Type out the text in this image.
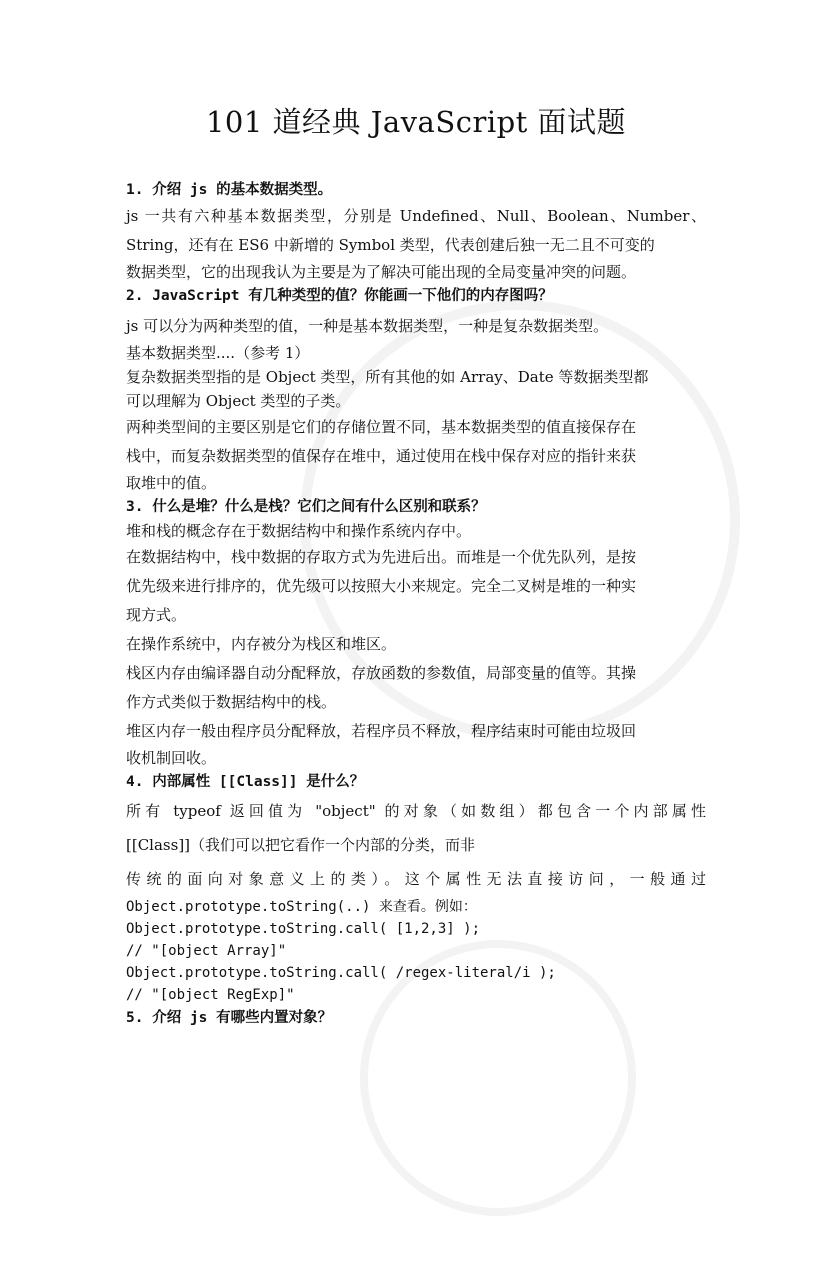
101 道经典 JavaScript 面试题

1. 介绍 js 的基本数据类型。

js 一共有六种基本数据类型，分别是 Undefined、Null、Boolean、Number、

String，还有在 ES6 中新增的 Symbol 类型，代表创建后独一无二且不可变的

数据类型，它的出现我认为主要是为了解决可能出现的全局变量冲突的问题。

2. JavaScript 有几种类型的值？你能画一下他们的内存图吗？

js 可以分为两种类型的值，一种是基本数据类型，一种是复杂数据类型。

基本数据类型....（参考 1）

复杂数据类型指的是 Object 类型，所有其他的如 Array、Date 等数据类型都

可以理解为 Object 类型的子类。

两种类型间的主要区别是它们的存储位置不同，基本数据类型的值直接保存在

栈中，而复杂数据类型的值保存在堆中，通过使用在栈中保存对应的指针来获

取堆中的值。

3. 什么是堆？什么是栈？它们之间有什么区别和联系？

堆和栈的概念存在于数据结构中和操作系统内存中。

在数据结构中，栈中数据的存取方式为先进后出。而堆是一个优先队列，是按

优先级来进行排序的，优先级可以按照大小来规定。完全二叉树是堆的一种实

现方式。

在操作系统中，内存被分为栈区和堆区。

栈区内存由编译器自动分配释放，存放函数的参数值，局部变量的值等。其操

作方式类似于数据结构中的栈。

堆区内存一般由程序员分配释放，若程序员不释放，程序结束时可能由垃圾回

收机制回收。

4. 内部属性 [[Class]] 是什么？

所有 typeof 返回值为 "object" 的对象（如数组）都包含一个内部属性

[[Class]]（我们可以把它看作一个内部的分类，而非

传统的面向对象意义上的类）。这个属性无法直接访问，一般通过

Object.prototype.toString(..) 来查看。例如：

Object.prototype.toString.call( [1,2,3] );

// "[object Array]"

Object.prototype.toString.call( /regex-literal/i );

// "[object RegExp]"

5. 介绍 js 有哪些内置对象？
